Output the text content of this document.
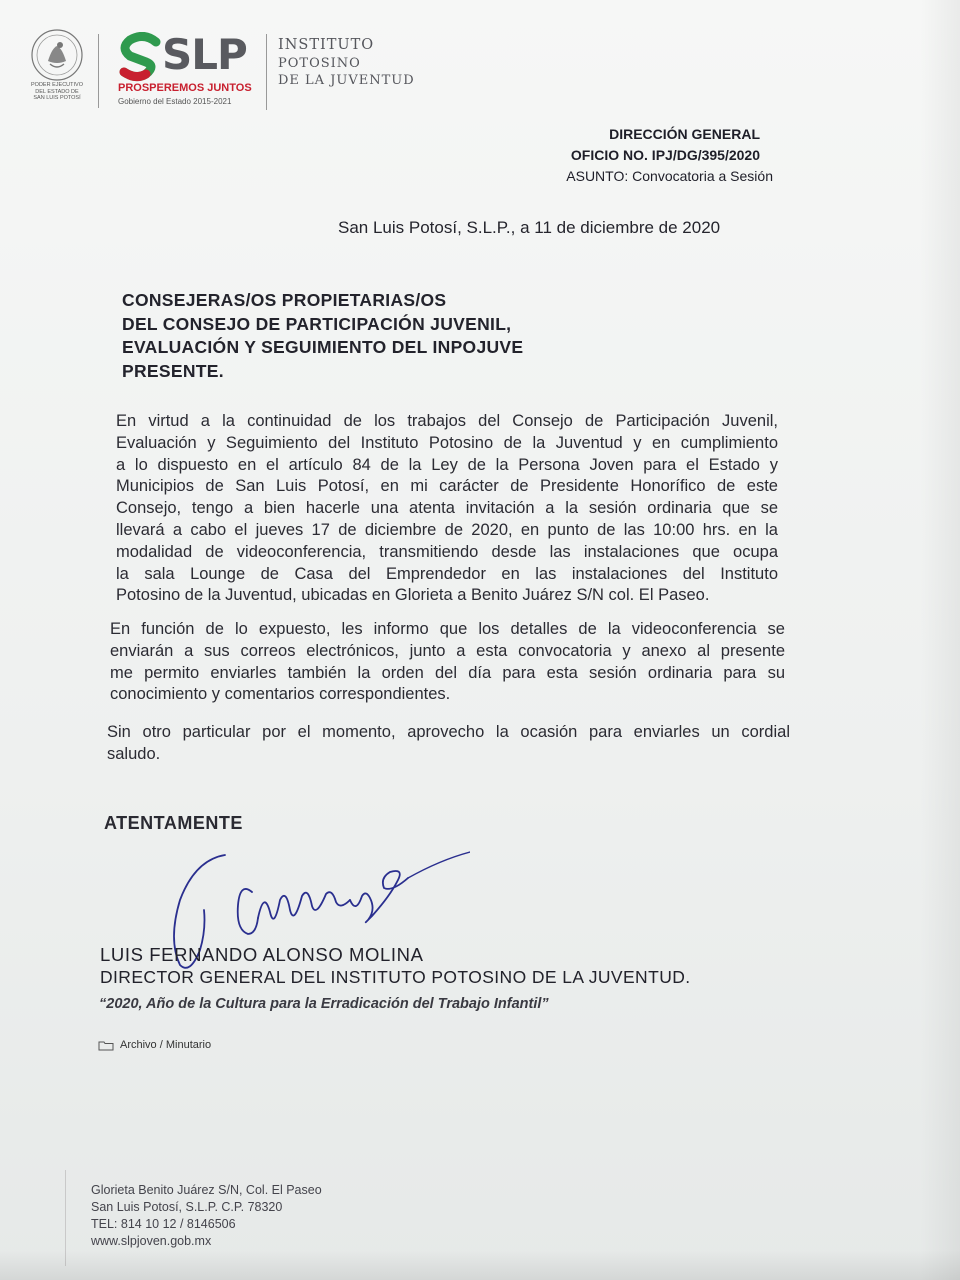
PODER EJECUTIVO
DEL ESTADO DE
SAN LUIS POTOSÍ
SLP
PROSPEREMOS JUNTOS
Gobierno del Estado 2015-2021
INSTITUTO
POTOSINO
DE LA JUVENTUD
DIRECCIÓN GENERAL
OFICIO NO. IPJ/DG/395/2020
ASUNTO: Convocatoria a Sesión
San Luis Potosí, S.L.P., a 11 de diciembre de 2020
CONSEJERAS/OS PROPIETARIAS/OS
DEL CONSEJO DE PARTICIPACIÓN JUVENIL,
EVALUACIÓN Y SEGUIMIENTO DEL INPOJUVE
PRESENTE.
En virtud a la continuidad de los trabajos del Consejo de Participación Juvenil,
Evaluación y Seguimiento del Instituto Potosino de la Juventud y en cumplimiento
a lo dispuesto en el artículo 84 de la Ley de la Persona Joven para el Estado y
Municipios de San Luis Potosí, en mi carácter de Presidente Honorífico de este
Consejo, tengo a bien hacerle una atenta invitación a la sesión ordinaria que se
llevará a cabo el jueves 17 de diciembre de 2020, en punto de las 10:00 hrs. en la
modalidad de videoconferencia, transmitiendo desde las instalaciones que ocupa
la sala Lounge de Casa del Emprendedor en las instalaciones del Instituto
Potosino de la Juventud, ubicadas en Glorieta a Benito Juárez S/N col. El Paseo.
En función de lo expuesto, les informo que los detalles de la videoconferencia se
enviarán a sus correos electrónicos, junto a esta convocatoria y anexo al presente
me permito enviarles también la orden del día para esta sesión ordinaria para su
conocimiento y comentarios correspondientes.
Sin otro particular por el momento, aprovecho la ocasión para enviarles un cordial
saludo.
ATENTAMENTE
LUIS FERNANDO ALONSO MOLINA
DIRECTOR GENERAL DEL INSTITUTO POTOSINO DE LA JUVENTUD.
“2020, Año de la Cultura para la Erradicación del Trabajo Infantil”
Archivo / Minutario
Glorieta Benito Juárez S/N, Col. El Paseo
San Luis Potosí, S.L.P. C.P. 78320
TEL: 814 10 12 / 8146506
www.slpjoven.gob.mx
